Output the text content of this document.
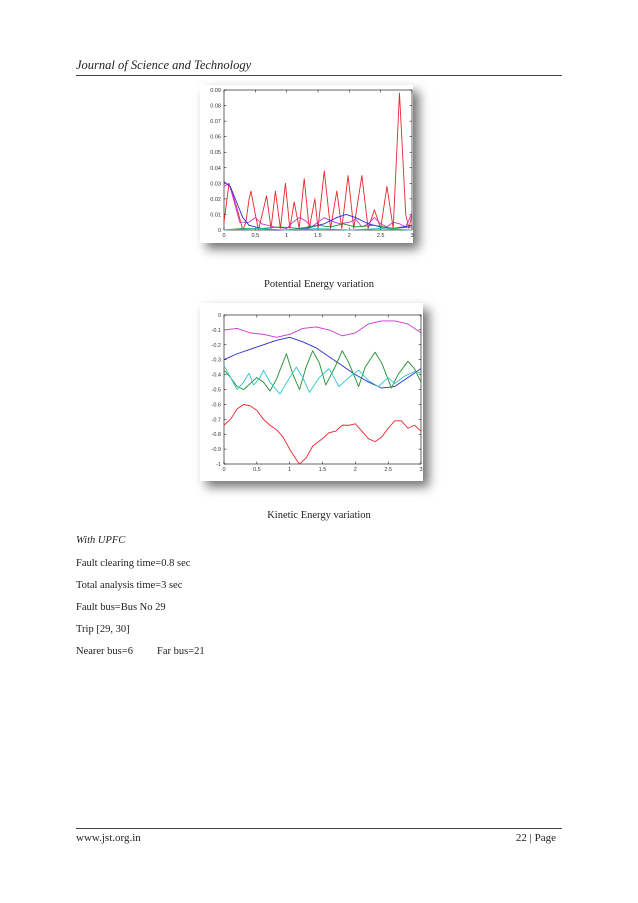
Journal of Science and Technology
0	0.5	1	1.5	2	2.5	3
0
0.01
0.02
0.03
0.04
0.05
0.06
0.07
0.08
0.09
Potential Energy variation
0	0.5	1	1.5	2	2.5	3
-1
-0.9
-0.8
-0.7
-0.6
-0.5
-0.4
-0.3
-0.2
-0.1
0
Kinetic Energy variation
With UPFC
Fault clearing time=0.8 sec
Total analysis time=3 sec
Fault bus=Bus No 29
Trip [29, 30]
Nearer bus=6 Far bus=21
www.jst.org.in	22 | Page
